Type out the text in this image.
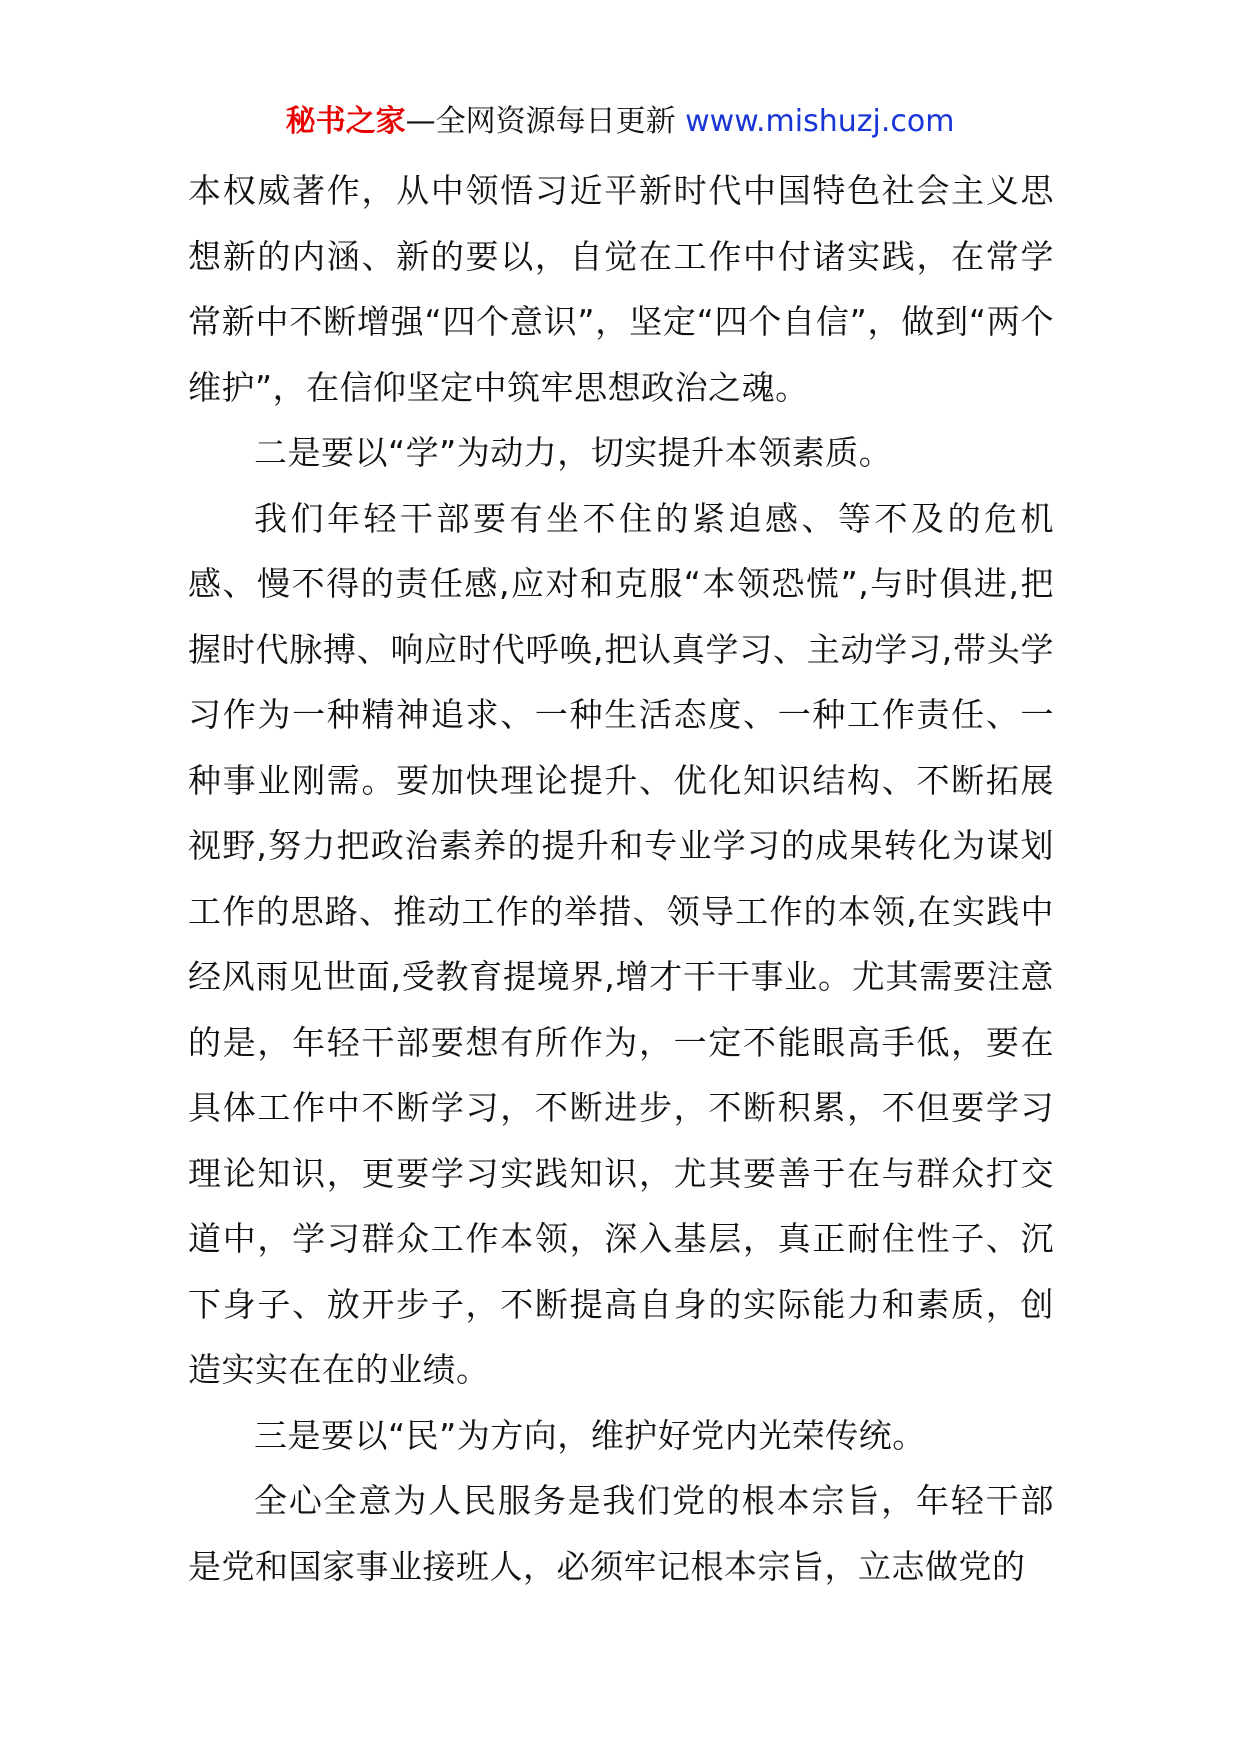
秘书之家—全网资源每日更新 www.mishuzj.com

本权威著作，从中领悟习近平新时代中国特色社会主义思想新的内涵、新的要以，自觉在工作中付诸实践，在常学常新中不断增强“四个意识”，坚定“四个自信”，做到“两个维护”，在信仰坚定中筑牢思想政治之魂。

二是要以“学”为动力，切实提升本领素质。

我们年轻干部要有坐不住的紧迫感、等不及的危机感、慢不得的责任感,应对和克服“本领恐慌”,与时俱进,把握时代脉搏、响应时代呼唤,把认真学习、主动学习,带头学习作为一种精神追求、一种生活态度、一种工作责任、一种事业刚需。要加快理论提升、优化知识结构、不断拓展视野,努力把政治素养的提升和专业学习的成果转化为谋划工作的思路、推动工作的举措、领导工作的本领,在实践中经风雨见世面,受教育提境界,增才干干事业。尤其需要注意的是，年轻干部要想有所作为，一定不能眼高手低，要在具体工作中不断学习，不断进步，不断积累，不但要学习理论知识，更要学习实践知识，尤其要善于在与群众打交道中，学习群众工作本领，深入基层，真正耐住性子、沉下身子、放开步子，不断提高自身的实际能力和素质，创造实实在在的业绩。

三是要以“民”为方向，维护好党内光荣传统。

全心全意为人民服务是我们党的根本宗旨，年轻干部是党和国家事业接班人，必须牢记根本宗旨，立志做党的
